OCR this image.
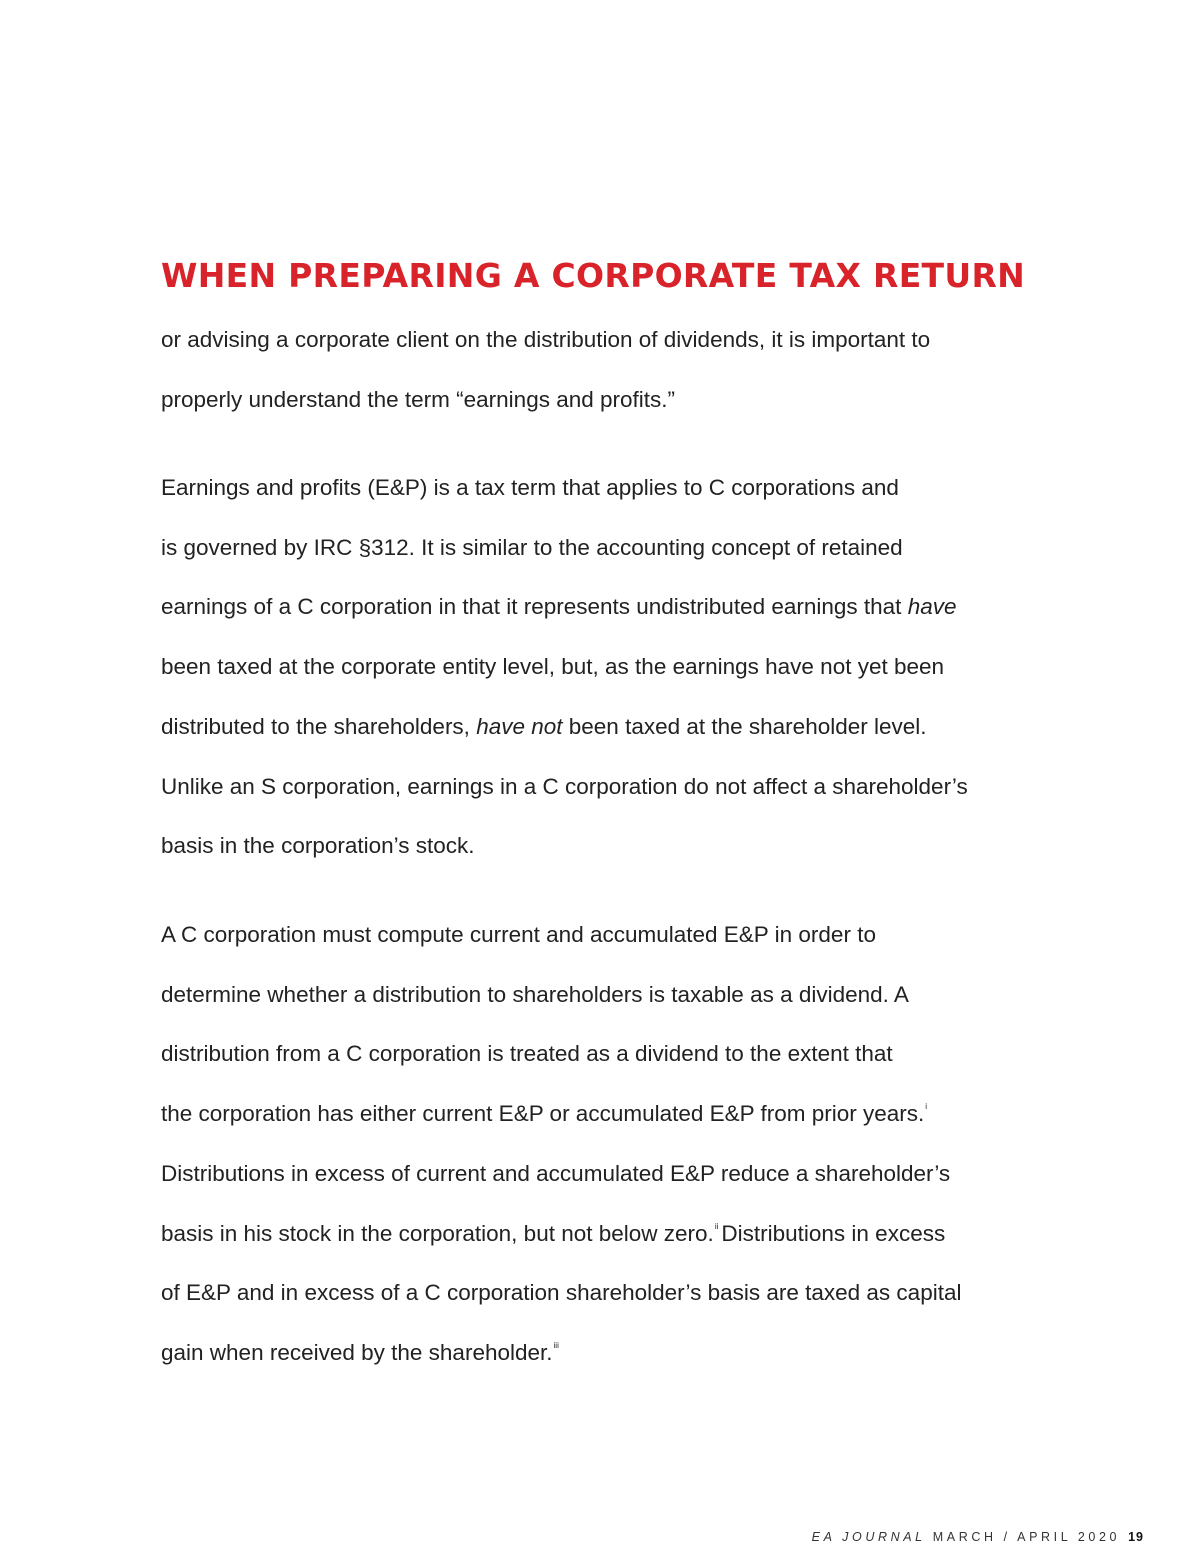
WHEN PREPARING A CORPORATE TAX RETURN

or advising a corporate client on the distribution of dividends, it is important to
properly understand the term “earnings and profits.”

Earnings and profits (E&P) is a tax term that applies to C corporations and
is governed by IRC §312. It is similar to the accounting concept of retained
earnings of a C corporation in that it represents undistributed earnings that have
been taxed at the corporate entity level, but, as the earnings have not yet been
distributed to the shareholders, have not been taxed at the shareholder level.
Unlike an S corporation, earnings in a C corporation do not affect a shareholder’s
basis in the corporation’s stock.

A C corporation must compute current and accumulated E&P in order to
determine whether a distribution to shareholders is taxable as a dividend. A
distribution from a C corporation is treated as a dividend to the extent that
the corporation has either current E&P or accumulated E&P from prior years.$^i$
Distributions in excess of current and accumulated E&P reduce a shareholder’s
basis in his stock in the corporation, but not below zero.$^{ii}$ Distributions in excess
of E&P and in excess of a C corporation shareholder’s basis are taxed as capital
gain when received by the shareholder.$^{iii}$

EA JOURNAL MARCH / APRIL 2020 19
